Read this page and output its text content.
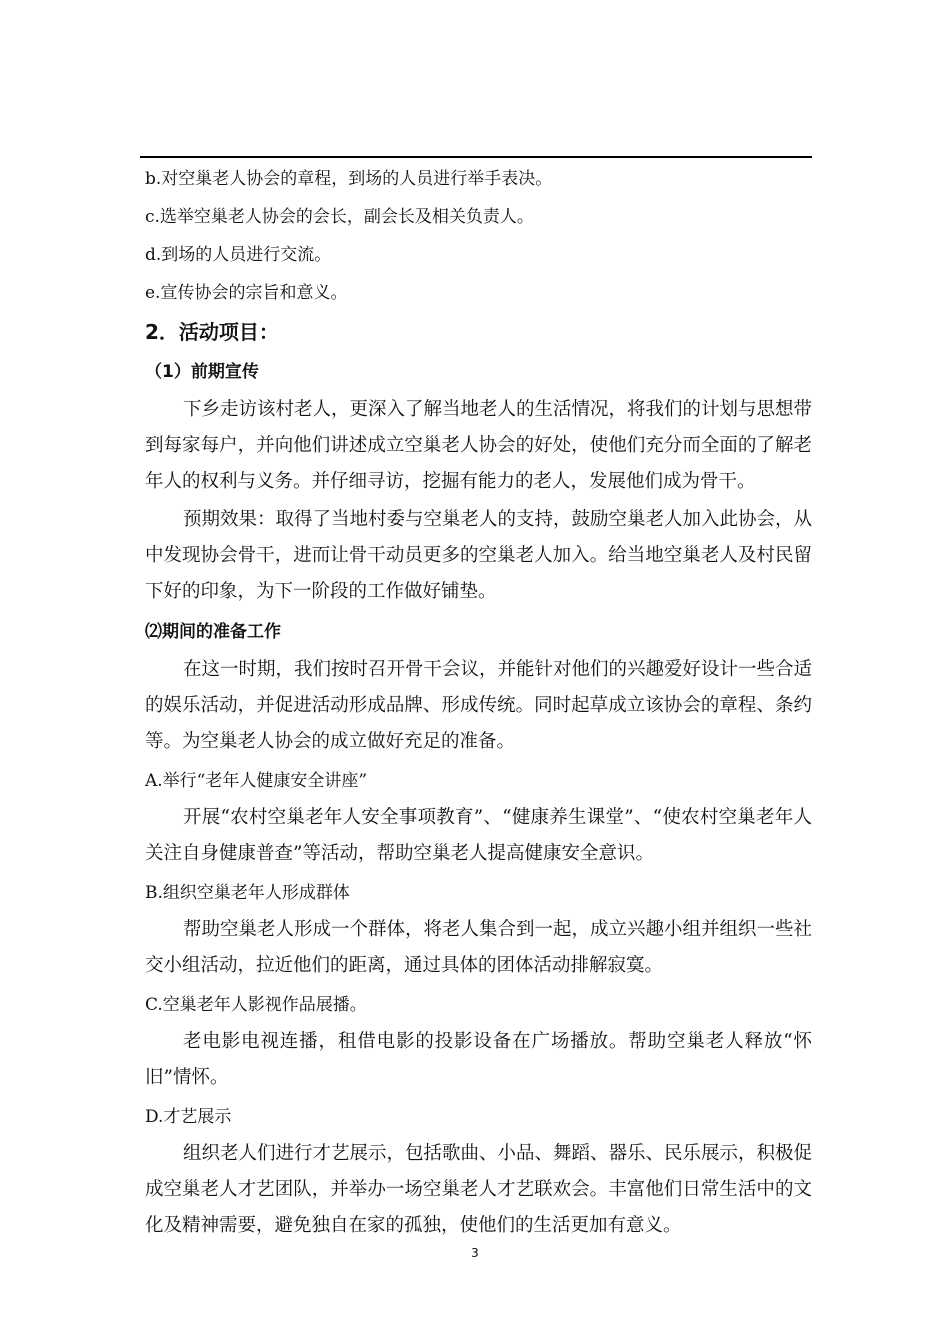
b.对空巢老人协会的章程，到场的人员进行举手表决。
c.选举空巢老人协会的会长，副会长及相关负责人。
d.到场的人员进行交流。
e.宣传协会的宗旨和意义。
2．活动项目：
（1）前期宣传

下乡走访该村老人，更深入了解当地老人的生活情况，将我们的计划与思想带到每家每户，并向他们讲述成立空巢老人协会的好处，使他们充分而全面的了解老年人的权利与义务。并仔细寻访，挖掘有能力的老人，发展他们成为骨干。

预期效果：取得了当地村委与空巢老人的支持，鼓励空巢老人加入此协会，从中发现协会骨干，进而让骨干动员更多的空巢老人加入。给当地空巢老人及村民留下好的印象，为下一阶段的工作做好铺垫。

⑵期间的准备工作

在这一时期，我们按时召开骨干会议，并能针对他们的兴趣爱好设计一些合适的娱乐活动，并促进活动形成品牌、形成传统。同时起草成立该协会的章程、条约等。为空巢老人协会的成立做好充足的准备。

A.举行“老年人健康安全讲座”

开展“农村空巢老年人安全事项教育”、“健康养生课堂”、“使农村空巢老年人关注自身健康普查”等活动，帮助空巢老人提高健康安全意识。

B.组织空巢老年人形成群体

帮助空巢老人形成一个群体，将老人集合到一起，成立兴趣小组并组织一些社交小组活动，拉近他们的距离，通过具体的团体活动排解寂寞。

C.空巢老年人影视作品展播。

老电影电视连播，租借电影的投影设备在广场播放。帮助空巢老人释放“怀旧”情怀。

D.才艺展示

组织老人们进行才艺展示，包括歌曲、小品、舞蹈、器乐、民乐展示，积极促成空巢老人才艺团队，并举办一场空巢老人才艺联欢会。丰富他们日常生活中的文化及精神需要，避免独自在家的孤独，使他们的生活更加有意义。

3
